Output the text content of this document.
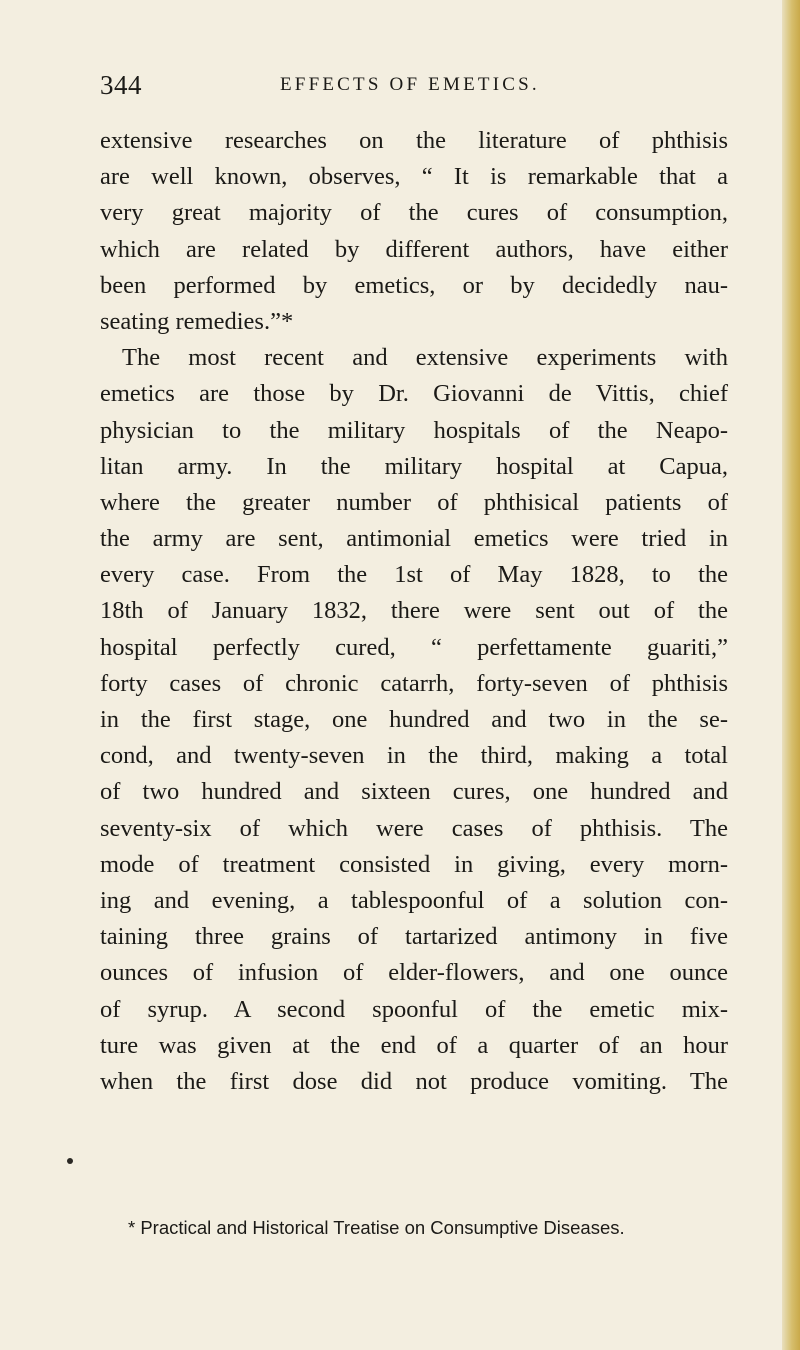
344	EFFECTS OF EMETICS.
extensive researches on the literature of phthisis
are well known, observes, “ It is remarkable that a
very great majority of the cures of consumption,
which are related by different authors, have either
been performed by emetics, or by decidedly nau-
seating remedies.”*
The most recent and extensive experiments with
emetics are those by Dr. Giovanni de Vittis, chief
physician to the military hospitals of the Neapo-
litan army. In the military hospital at Capua,
where the greater number of phthisical patients of
the army are sent, antimonial emetics were tried in
every case. From the 1st of May 1828, to the
18th of January 1832, there were sent out of the
hospital perfectly cured, “ perfettamente guariti,”
forty cases of chronic catarrh, forty-seven of phthisis
in the first stage, one hundred and two in the se-
cond, and twenty-seven in the third, making a total
of two hundred and sixteen cures, one hundred and
seventy-six of which were cases of phthisis. The
mode of treatment consisted in giving, every morn-
ing and evening, a tablespoonful of a solution con-
taining three grains of tartarized antimony in five
ounces of infusion of elder-flowers, and one ounce
of syrup. A second spoonful of the emetic mix-
ture was given at the end of a quarter of an hour
when the first dose did not produce vomiting. The
* Practical and Historical Treatise on Consumptive Diseases.
